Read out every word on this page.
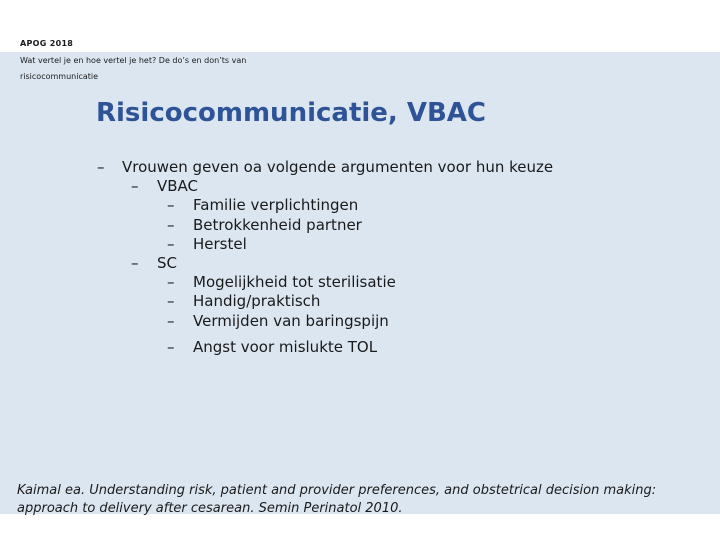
APOG 2018
Wat vertel je en hoe vertel je het? De do’s en don’ts van
risicocommunicatie
Risicocommunicatie, VBAC
– Vrouwen geven oa volgende argumenten voor hun keuze
– VBAC
– Familie verplichtingen
– Betrokkenheid partner
– Herstel
– SC
– Mogelijkheid tot sterilisatie
– Handig/praktisch
– Vermijden van baringspijn
– Angst voor mislukte TOL
Kaimal ea. Understanding risk, patient and provider preferences, and obstetrical decision making: approach to delivery after cesarean. Semin Perinatol 2010.
